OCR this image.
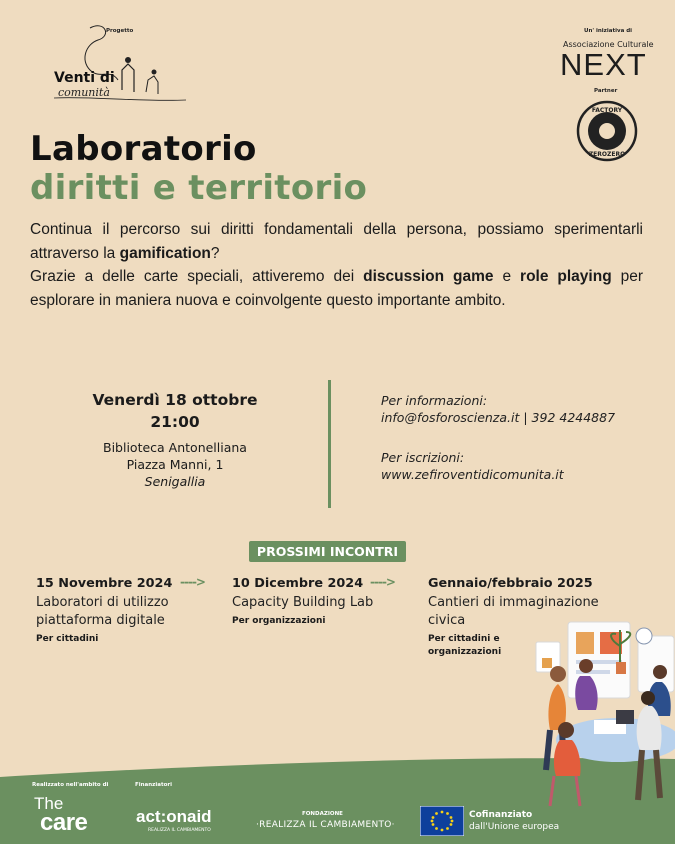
Progetto
Venti di
comunità
Un' iniziativa di
Associazione Culturale
NEXT
Partner
FACTORY
ZEROZERO
Laboratorio
diritti e territorio

Continua il percorso sui diritti fondamentali della persona, possiamo sperimentarli attraverso la gamification?

Grazie a delle carte speciali, attiveremo dei discussion game e role playing per esplorare in maniera nuova e coinvolgente questo importante ambito.

Venerdì 18 ottobre
21:00
Biblioteca Antonelliana
Piazza Manni, 1
Senigallia
Per informazioni:
info@fosforoscienza.it | 392 4244887
Per iscrizioni:
www.zefiroventidicomunita.it
PROSSIMI INCONTRI
15 Novembre 2024
Laboratori di utilizzo piattaforma digitale
Per cittadini
----> 10 Dicembre 2024
Capacity Building Lab
Per organizzazioni
---->	Gennaio/febbraio 2025
Cantieri di immaginazione civica
Per cittadini e organizzazioni
Realizzato nell'ambito di	Finanziatori
The
care	act:onaid
REALIZZA IL CAMBIAMENTO
FONDAZIONE
·REALIZZA IL CAMBIAMENTO·
Cofinanziato
dall'Unione europea
